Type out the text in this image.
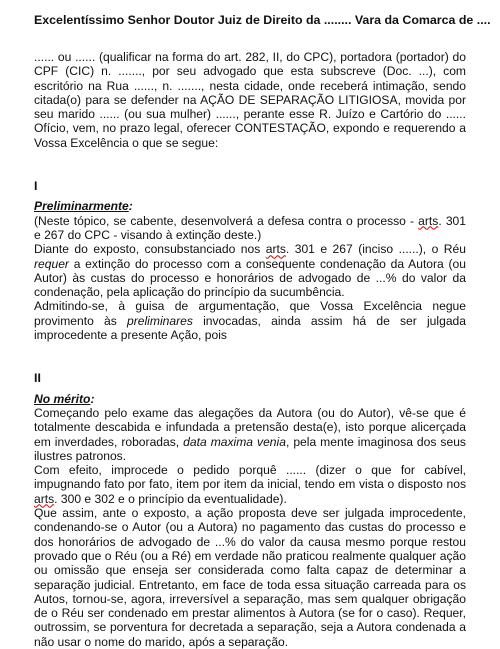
Excelentíssimo Senhor Doutor Juiz de Direito da ........ Vara da Comarca de ....

...... ou ...... (qualificar na forma do art. 282, II, do CPC), portadora (portador) do CPF (CIC) n. ......., por seu advogado que esta subscreve (Doc. ...), com escritório na Rua ......, n. ......., nesta cidade, onde receberá intimação, sendo citada(o) para se defender na AÇÃO DE SEPARAÇÃO LITIGIOSA, movida por seu marido ...... (ou sua mulher) ......, perante esse R. Juízo e Cartório do ...... Ofício, vem, no prazo legal, oferecer CONTESTAÇÃO, expondo e requerendo a Vossa Excelência o que se segue:

I
Preliminarmente:

(Neste tópico, se cabente, desenvolverá a defesa contra o processo - arts. 301 e 267 do CPC - visando à extinção deste.)

Diante do exposto, consubstanciado nos arts. 301 e 267 (inciso ......), o Réu requer a extinção do processo com a consequente condenação da Autora (ou Autor) às custas do processo e honorários de advogado de ...% do valor da condenação, pela aplicação do princípio da sucumbência.

Admitindo-se, à guisa de argumentação, que Vossa Excelência negue provimento às preliminares invocadas, ainda assim há de ser julgada improcedente a presente Ação, pois

II
No mérito:

Começando pelo exame das alegações da Autora (ou do Autor), vê-se que é totalmente descabida e infundada a pretensão desta(e), isto porque alicerçada em inverdades, roboradas, data maxima venia, pela mente imaginosa dos seus ilustres patronos.

Com efeito, improcede o pedido porquê ...... (dizer o que for cabível, impugnando fato por fato, item por item da inicial, tendo em vista o disposto nos arts. 300 e 302 e o princípio da eventualidade).

Que assim, ante o exposto, a ação proposta deve ser julgada improcedente, condenando-se o Autor (ou a Autora) no pagamento das custas do processo e dos honorários de advogado de ...% do valor da causa mesmo porque restou provado que o Réu (ou a Ré) em verdade não praticou realmente qualquer ação ou omissão que enseja ser considerada como falta capaz de determinar a separação judicial. Entretanto, em face de toda essa situação carreada para os Autos, tornou-se, agora, irreversível a separação, mas sem qualquer obrigação de o Réu ser condenado em prestar alimentos à Autora (se for o caso). Requer, outrossim, se porventura for decretada a separação, seja a Autora condenada a não usar o nome do marido, após a separação.
